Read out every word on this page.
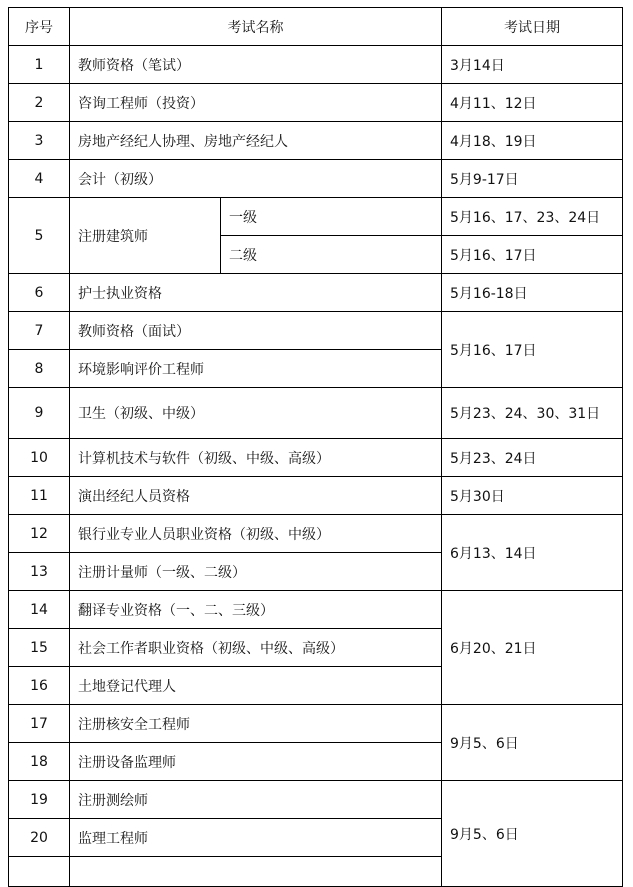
序号	考试名称		考试日期
1	教师资格（笔试）		3月14日
2	咨询工程师（投资）		4月11、12日
3	房地产经纪人协理、房地产经纪人		4月18、19日
4	会计（初级）		5月9-17日
5	注册建筑师	一级	5月16、17、23、24日
		二级	5月16、17日
6	护士执业资格		5月16-18日
7	教师资格（面试）		5月16、17日
8	环境影响评价工程师		
9	卫生（初级、中级）		5月23、24、30、31日
10	计算机技术与软件（初级、中级、高级）		5月23、24日
11	演出经纪人员资格		5月30日
12	银行业专业人员职业资格（初级、中级）		6月13、14日
13	注册计量师（一级、二级）		
14	翻译专业资格（一、二、三级）		6月20、21日
15	社会工作者职业资格（初级、中级、高级）		
16	土地登记代理人		
17	注册核安全工程师		9月5、6日
18	注册设备监理师		
19	注册测绘师		9月5、6日
20	监理工程师		
